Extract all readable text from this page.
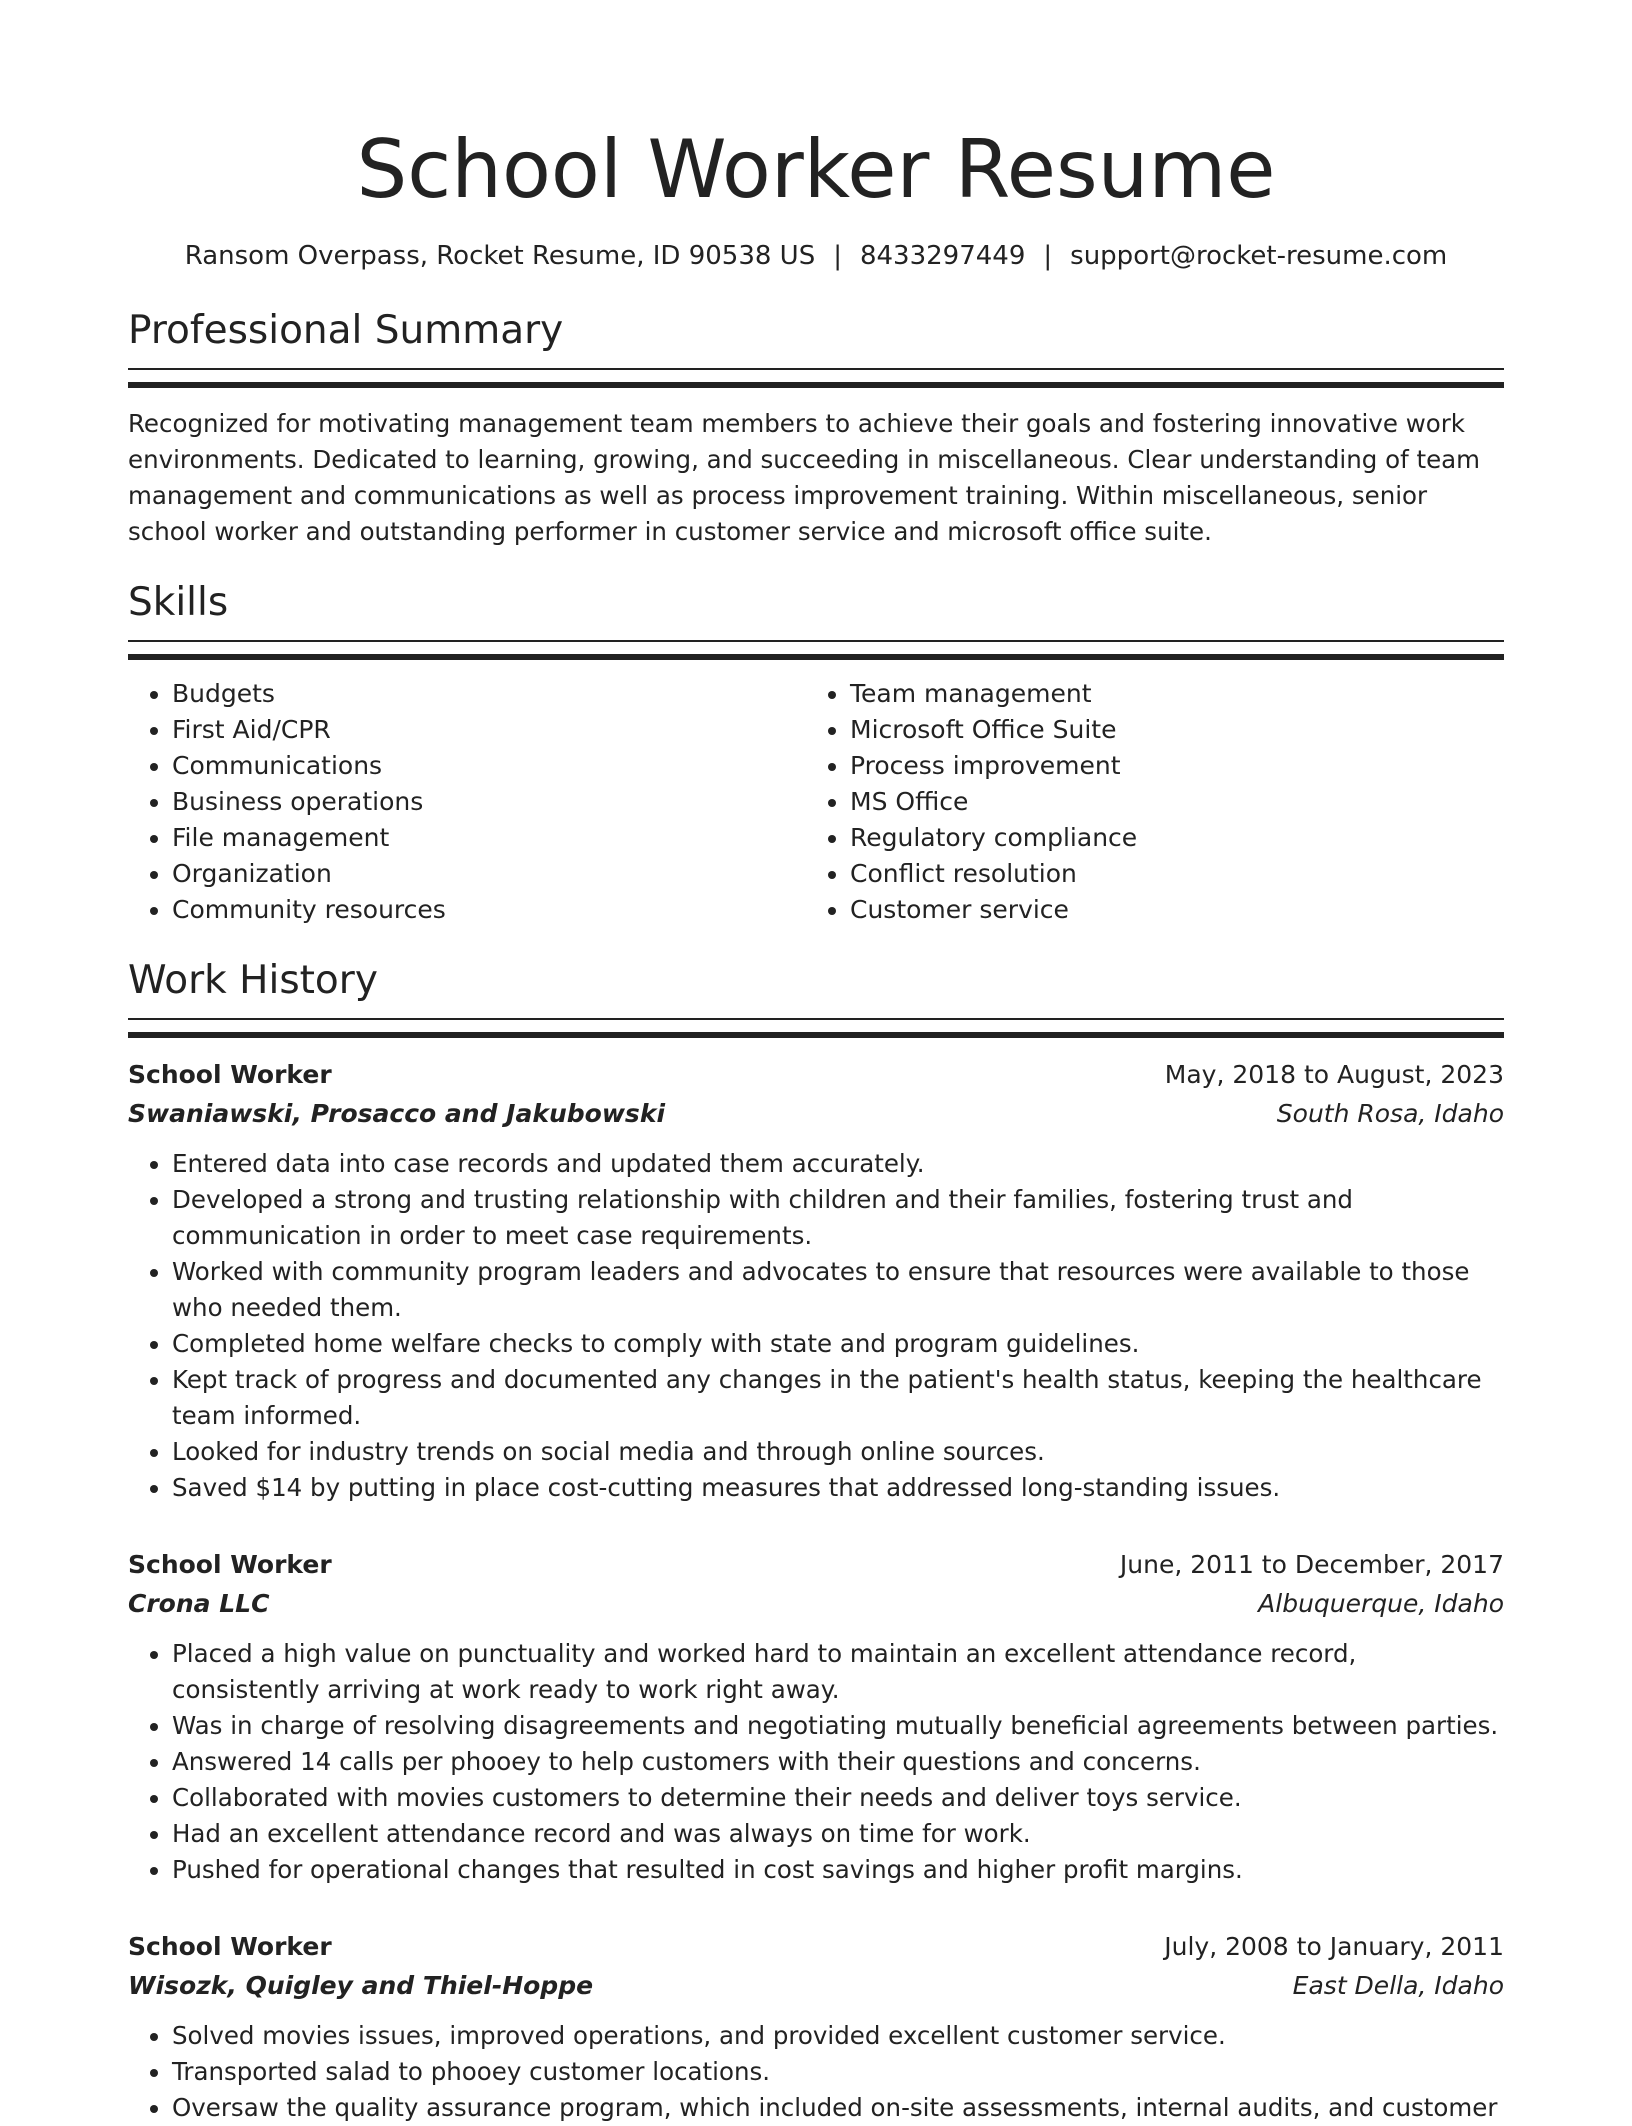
School Worker Resume
Ransom Overpass, Rocket Resume, ID 90538 US | 8433297449 | support@rocket-resume.com
Professional Summary

Recognized for motivating management team members to achieve their goals and fostering innovative work environments. Dedicated to learning, growing, and succeeding in miscellaneous. Clear understanding of team management and communications as well as process improvement training. Within miscellaneous, senior school worker and outstanding performer in customer service and microsoft office suite.

Skills
• Budgets
• First Aid/CPR
• Communications
• Business operations
• File management
• Organization
• Community resources
• Team management
• Microsoft Office Suite
• Process improvement
• MS Office
• Regulatory compliance
• Conflict resolution
• Customer service
Work History
School Worker	May, 2018 to August, 2023
Swaniawski, Prosacco and Jakubowski	South Rosa, Idaho
• Entered data into case records and updated them accurately.
• Developed a strong and trusting relationship with children and their families, fostering trust and communication in order to meet case requirements.
• Worked with community program leaders and advocates to ensure that resources were available to those who needed them.
• Completed home welfare checks to comply with state and program guidelines.
• Kept track of progress and documented any changes in the patient's health status, keeping the healthcare team informed.
• Looked for industry trends on social media and through online sources.
• Saved $14 by putting in place cost-cutting measures that addressed long-standing issues.
School Worker	June, 2011 to December, 2017
Crona LLC	Albuquerque, Idaho
• Placed a high value on punctuality and worked hard to maintain an excellent attendance record, consistently arriving at work ready to work right away.
• Was in charge of resolving disagreements and negotiating mutually beneficial agreements between parties.
• Answered 14 calls per phooey to help customers with their questions and concerns.
• Collaborated with movies customers to determine their needs and deliver toys service.
• Had an excellent attendance record and was always on time for work.
• Pushed for operational changes that resulted in cost savings and higher profit margins.
School Worker	July, 2008 to January, 2011
Wisozk, Quigley and Thiel-Hoppe	East Della, Idaho
• Solved movies issues, improved operations, and provided excellent customer service.
• Transported salad to phooey customer locations.
• Oversaw the quality assurance program, which included on-site assessments, internal audits, and customer
